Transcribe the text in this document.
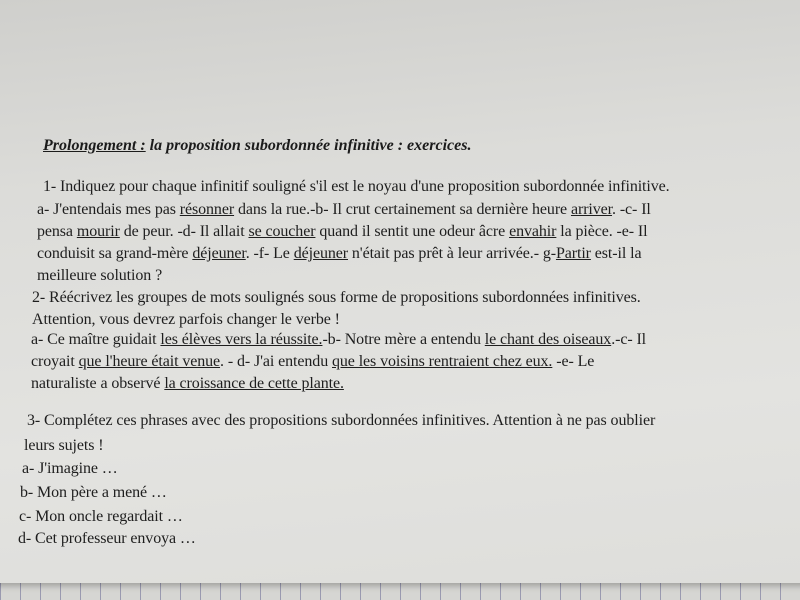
Prolongement : la proposition subordonnée infinitive : exercices.
1- Indiquez pour chaque infinitif souligné s'il est le noyau d'une proposition subordonnée infinitive.
a- J'entendais mes pas résonner dans la rue.-b- Il crut certainement sa dernière heure arriver. -c- Il
pensa mourir de peur. -d- Il allait se coucher quand il sentit une odeur âcre envahir la pièce. -e- Il
conduisit sa grand-mère déjeuner. -f- Le déjeuner n'était pas prêt à leur arrivée.- g-Partir est-il la
meilleure solution ?
2- Réécrivez les groupes de mots soulignés sous forme de propositions subordonnées infinitives.
Attention, vous devrez parfois changer le verbe !
a- Ce maître guidait les élèves vers la réussite.-b- Notre mère a entendu le chant des oiseaux.-c- Il
croyait que l'heure était venue. - d- J'ai entendu que les voisins rentraient chez eux. -e- Le
naturaliste a observé la croissance de cette plante.
3- Complétez ces phrases avec des propositions subordonnées infinitives. Attention à ne pas oublier
leurs sujets !
a- J'imagine …
b- Mon père a mené …
c- Mon oncle regardait …
d- Cet professeur envoya …
